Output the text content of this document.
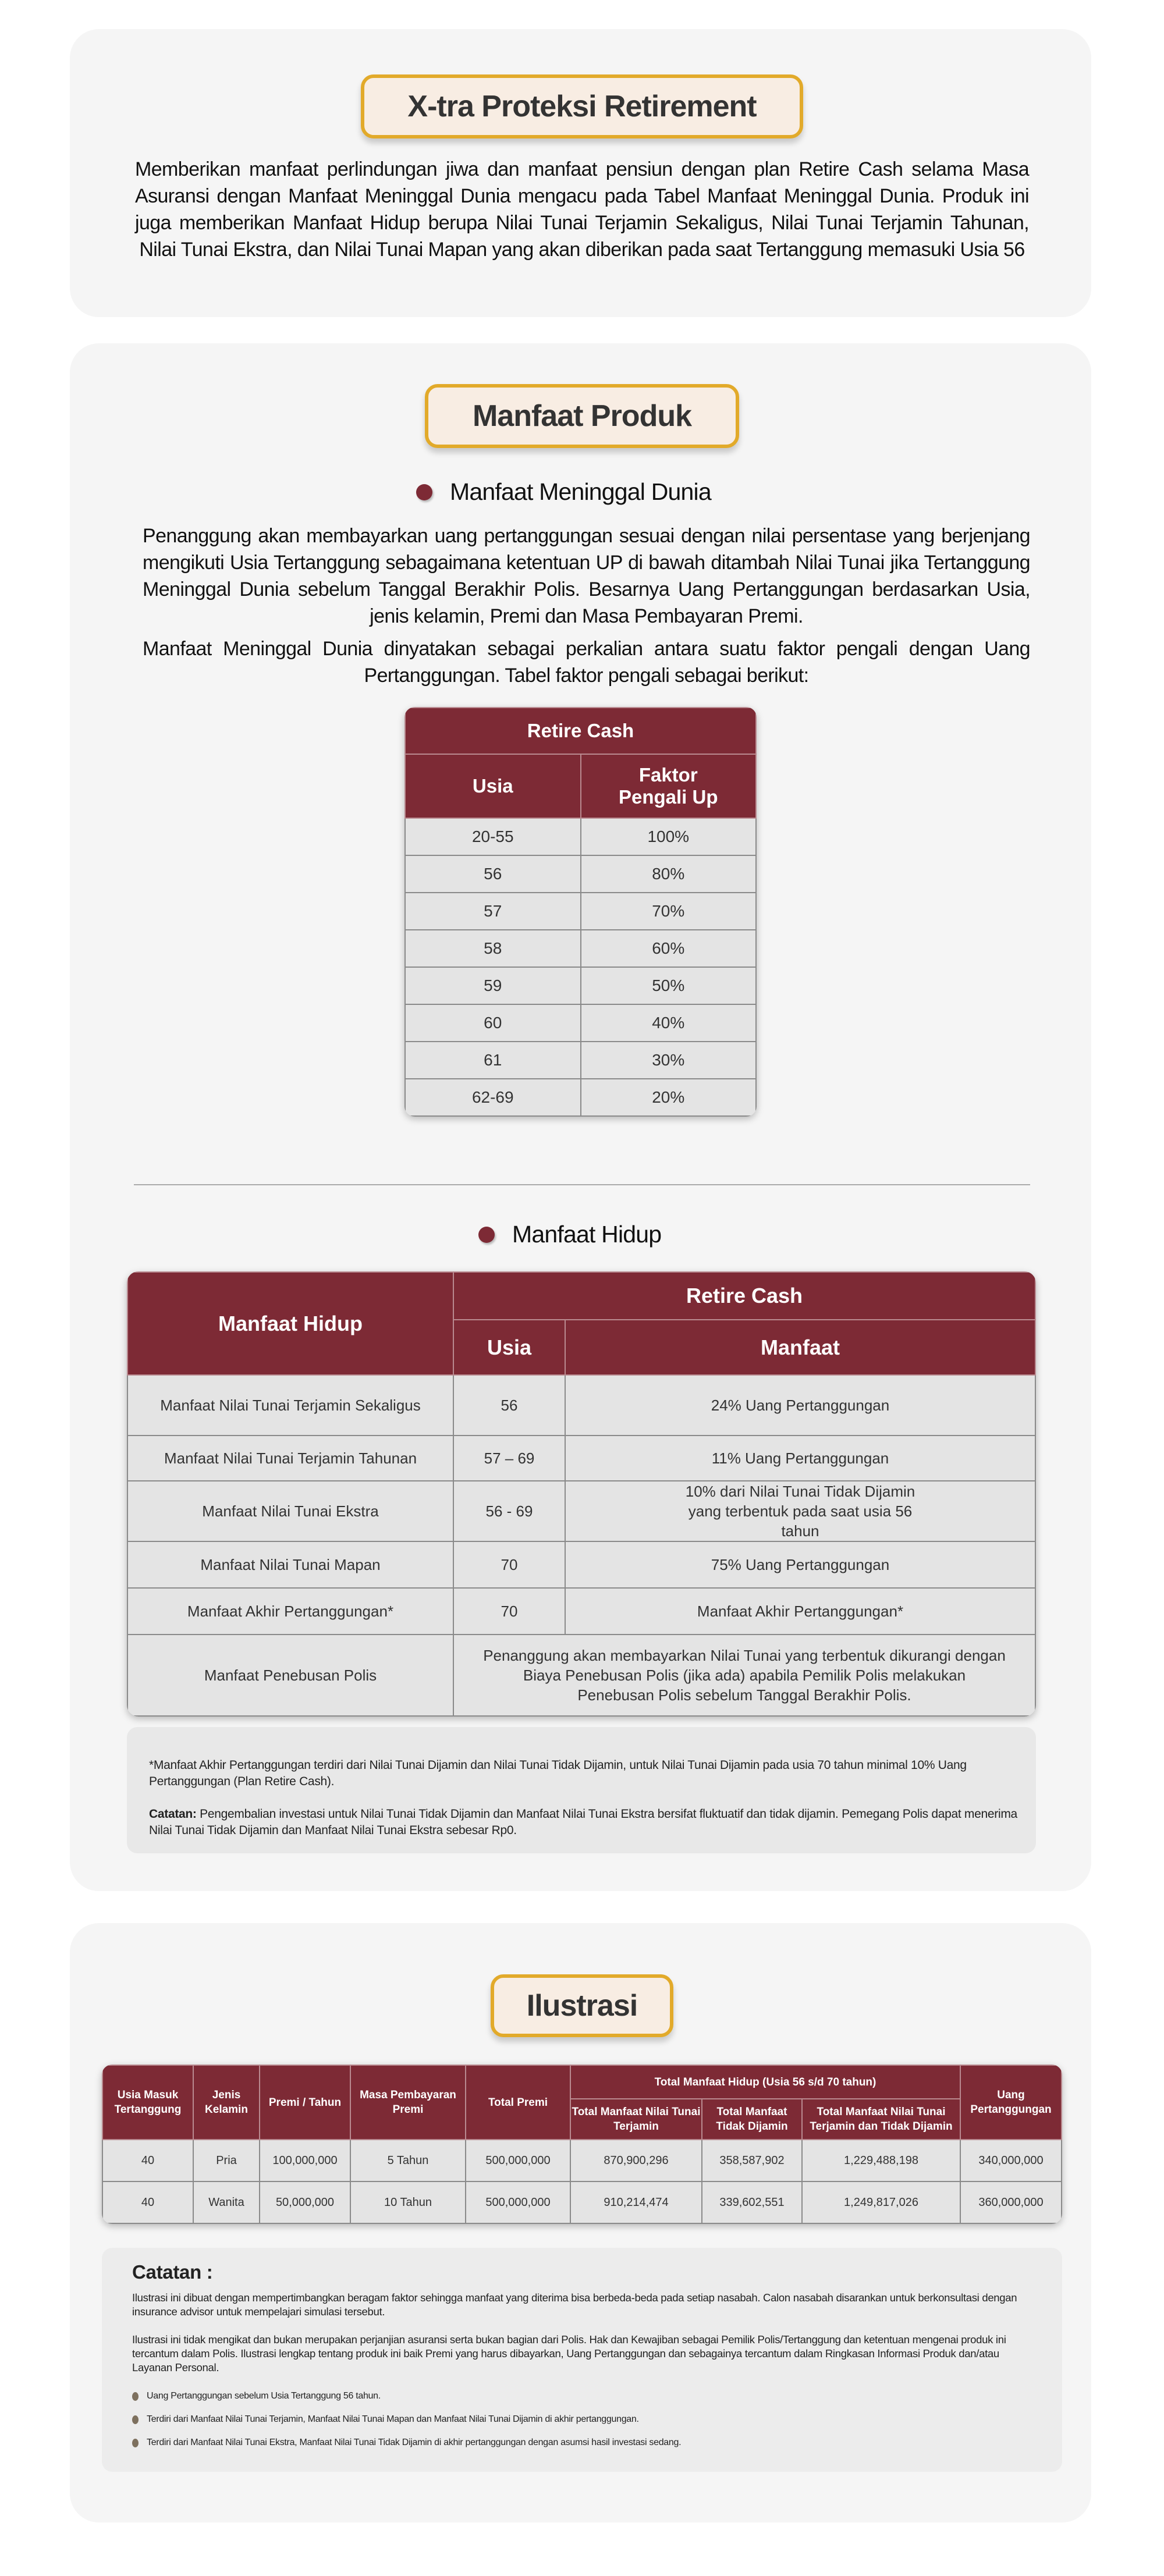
X-tra Proteksi Retirement
Memberikan manfaat perlindungan jiwa dan manfaat pensiun dengan plan Retire Cash selama Masa Asuransi dengan Manfaat Meninggal Dunia mengacu pada Tabel Manfaat Meninggal Dunia. Produk ini juga memberikan Manfaat Hidup berupa Nilai Tunai Terjamin Sekaligus, Nilai Tunai Terjamin Tahunan, Nilai Tunai Ekstra, dan Nilai Tunai Mapan yang akan diberikan pada saat Tertanggung memasuki Usia 56
Manfaat Produk
Manfaat Meninggal Dunia
Penanggung akan membayarkan uang pertanggungan sesuai dengan nilai persentase yang berjenjang mengikuti Usia Tertanggung sebagaimana ketentuan UP di bawah ditambah Nilai Tunai jika Tertanggung Meninggal Dunia sebelum Tanggal Berakhir Polis. Besarnya Uang Pertanggungan berdasarkan Usia, jenis kelamin, Premi dan Masa Pembayaran Premi.
Manfaat Meninggal Dunia dinyatakan sebagai perkalian antara suatu faktor pengali dengan Uang Pertanggungan. Tabel faktor pengali sebagai berikut:
Retire Cash	
Usia	Faktor Pengali Up
20-55	100%
56	80%
57	70%
58	60%
59	50%
60	40%
61	30%
62-69	20%
Manfaat Hidup
Manfaat Hidup	Retire Cash	
	Usia	Manfaat
Manfaat Nilai Tunai Terjamin Sekaligus	56	24% Uang Pertanggungan
Manfaat Nilai Tunai Terjamin Tahunan	57 – 69	11% Uang Pertanggungan
Manfaat Nilai Tunai Ekstra	56 - 69	10% dari Nilai Tunai Tidak Dijamin yang terbentuk pada saat usia 56 tahun
Manfaat Nilai Tunai Mapan	70	75% Uang Pertanggungan
Manfaat Akhir Pertanggungan*	70	Manfaat Akhir Pertanggungan*
Manfaat Penebusan Polis	Penanggung akan membayarkan Nilai Tunai yang terbentuk dikurangi dengan Biaya Penebusan Polis (jika ada) apabila Pemilik Polis melakukan Penebusan Polis sebelum Tanggal Berakhir Polis.	

*Manfaat Akhir Pertanggungan terdiri dari Nilai Tunai Dijamin dan Nilai Tunai Tidak Dijamin, untuk Nilai Tunai Dijamin pada usia 70 tahun minimal 10% Uang Pertanggungan (Plan Retire Cash).

Catatan: Pengembalian investasi untuk Nilai Tunai Tidak Dijamin dan Manfaat Nilai Tunai Ekstra bersifat fluktuatif dan tidak dijamin. Pemegang Polis dapat menerima Nilai Tunai Tidak Dijamin dan Manfaat Nilai Tunai Ekstra sebesar Rp0.

Ilustrasi
Usia Masuk Tertanggung	Jenis Kelamin	Premi / Tahun	Masa Pembayaran Premi	Total Premi	Total Manfaat Hidup (Usia 56 s/d 70 tahun)			Uang Pertanggungan
					Total Manfaat Nilai Tunai Terjamin	Total Manfaat Tidak Dijamin	Total Manfaat Nilai Tunai Terjamin dan Tidak Dijamin	
40	Pria	100,000,000	5 Tahun	500,000,000	870,900,296	358,587,902	1,229,488,198	340,000,000
40	Wanita	50,000,000	10 Tahun	500,000,000	910,214,474	339,602,551	1,249,817,026	360,000,000
Catatan :

Ilustrasi ini dibuat dengan mempertimbangkan beragam faktor sehingga manfaat yang diterima bisa berbeda-beda pada setiap nasabah. Calon nasabah disarankan untuk berkonsultasi dengan insurance advisor untuk mempelajari simulasi tersebut.

Ilustrasi ini tidak mengikat dan bukan merupakan perjanjian asuransi serta bukan bagian dari Polis. Hak dan Kewajiban sebagai Pemilik Polis/Tertanggung dan ketentuan mengenai produk ini tercantum dalam Polis. Ilustrasi lengkap tentang produk ini baik Premi yang harus dibayarkan, Uang Pertanggungan dan sebagainya tercantum dalam Ringkasan Informasi Produk dan/atau Layanan Personal.

Uang Pertanggungan sebelum Usia Tertanggung 56 tahun.
Terdiri dari Manfaat Nilai Tunai Terjamin, Manfaat Nilai Tunai Mapan dan Manfaat Nilai Tunai Dijamin di akhir pertanggungan.
Terdiri dari Manfaat Nilai Tunai Ekstra, Manfaat Nilai Tunai Tidak Dijamin di akhir pertanggungan dengan asumsi hasil investasi sedang.
